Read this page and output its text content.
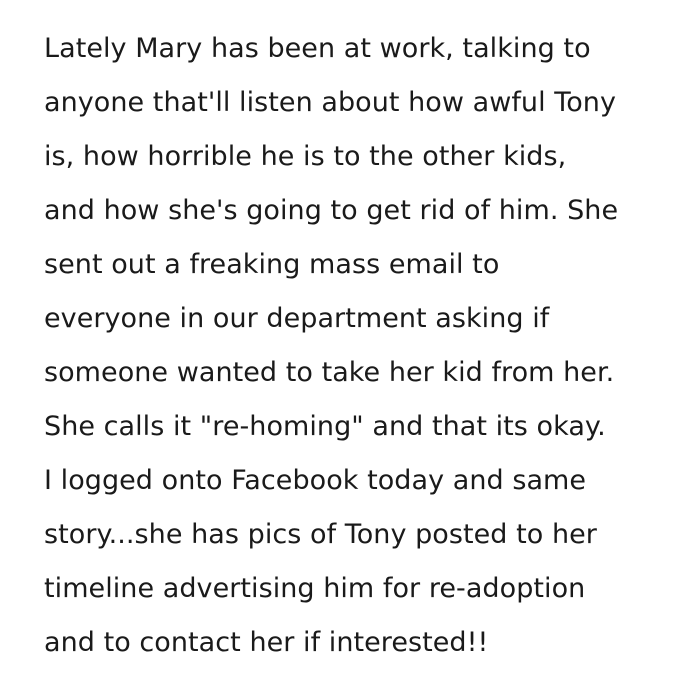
Lately Mary has been at work, talking to
anyone that'll listen about how awful Tony
is, how horrible he is to the other kids,
and how she's going to get rid of him. She
sent out a freaking mass email to
everyone in our department asking if
someone wanted to take her kid from her.
She calls it "re-homing" and that its okay.
I logged onto Facebook today and same
story...she has pics of Tony posted to her
timeline advertising him for re-adoption
and to contact her if interested!!
